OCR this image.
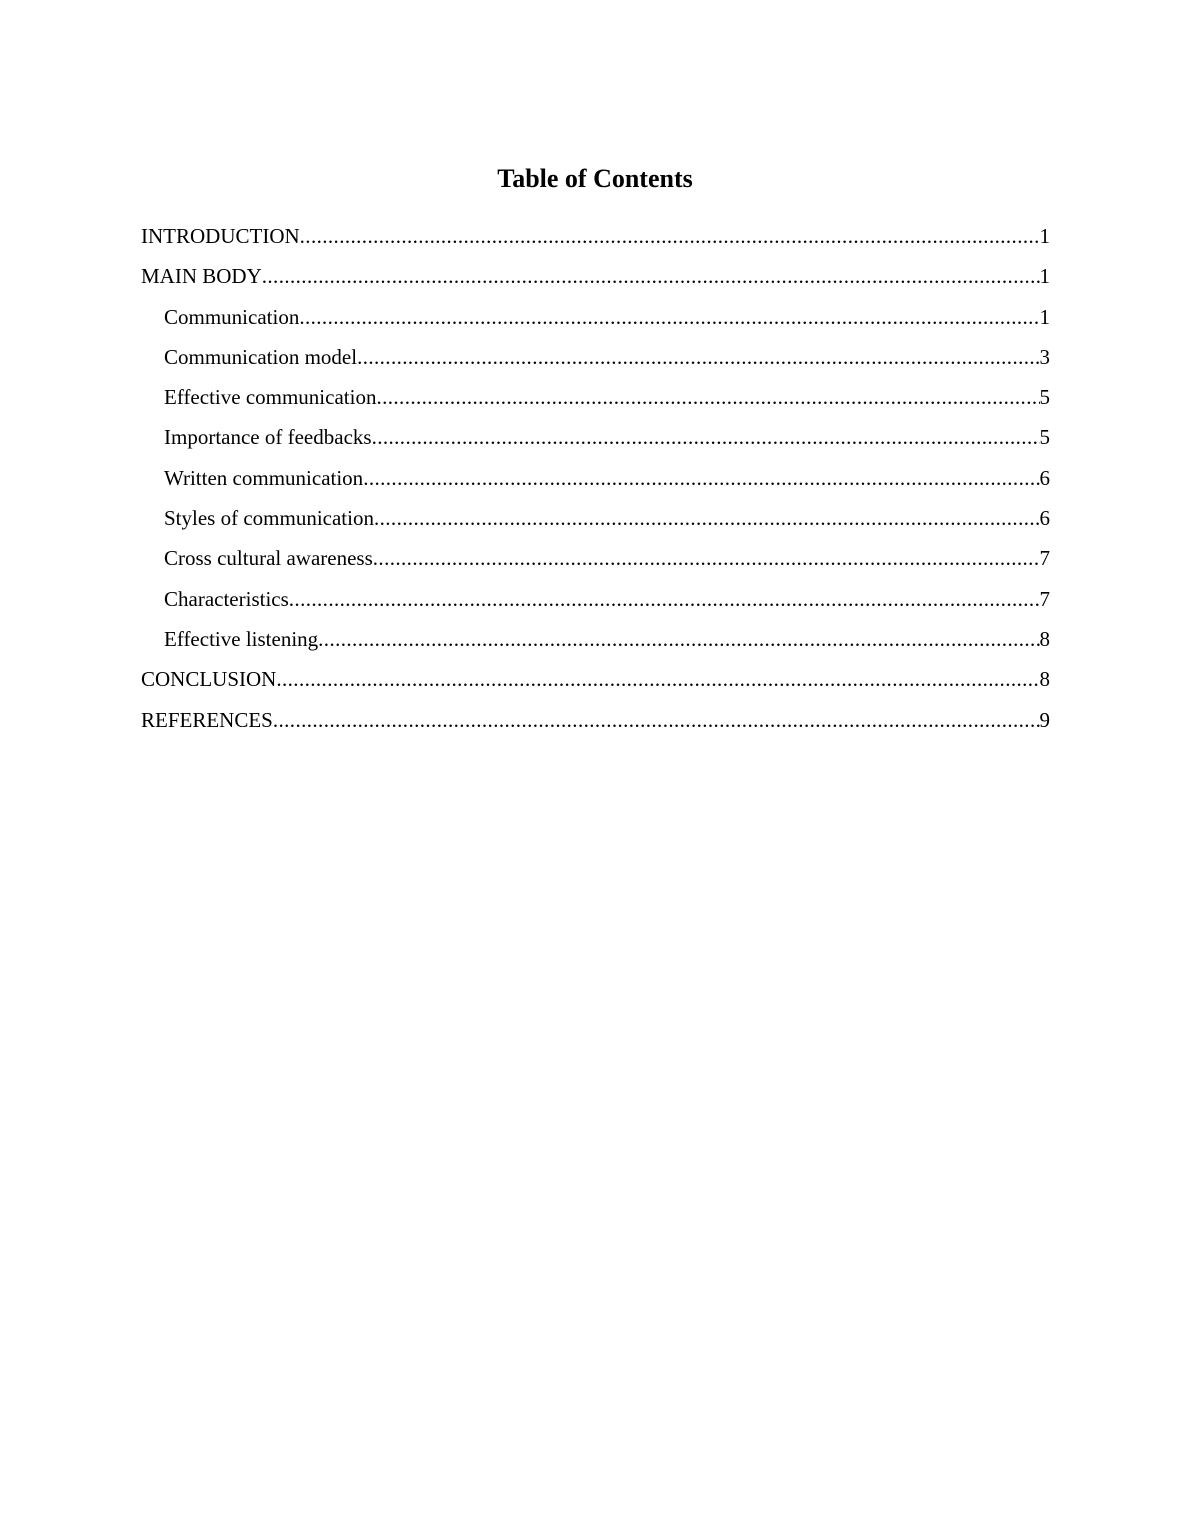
Table of Contents
INTRODUCTION .....	1
MAIN BODY .....	1
Communication .....	1
Communication model .....	3
Effective communication .....	5
Importance of feedbacks .....	5
Written communication .....	6
Styles of communication .....	6
Cross cultural awareness .....	7
Characteristics .....	7
Effective listening .....	8
CONCLUSION .....	8
REFERENCES .....	9
